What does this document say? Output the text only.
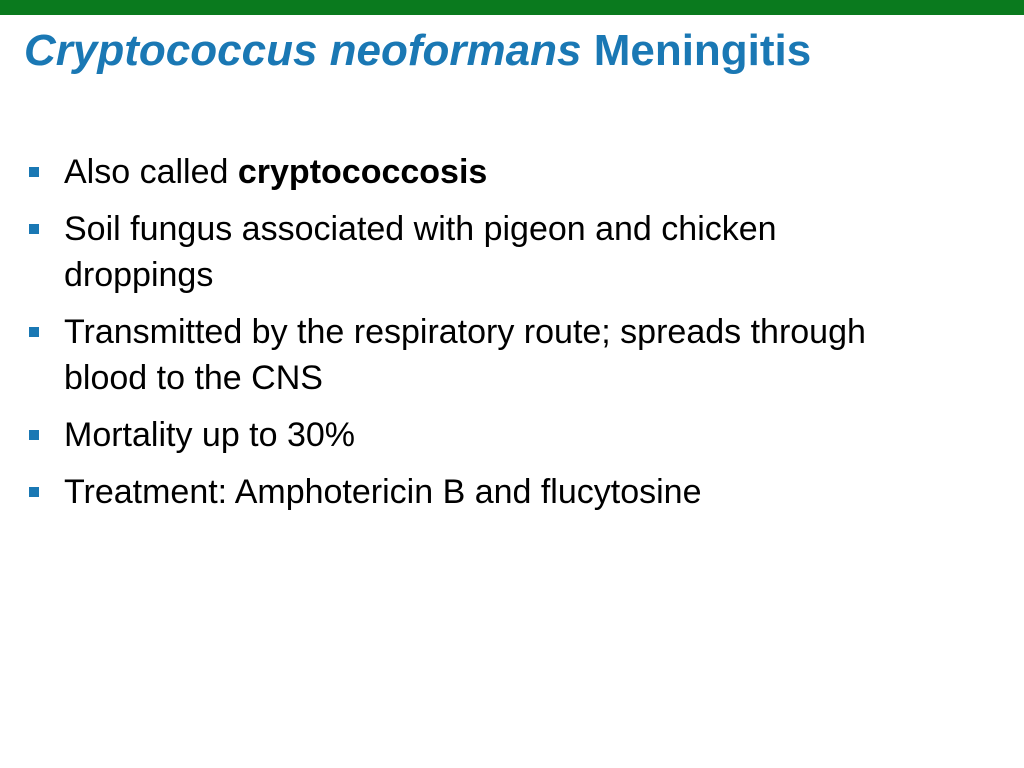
Cryptococcus neoformans Meningitis
Also called cryptococcosis
Soil fungus associated with pigeon and chicken droppings
Transmitted by the respiratory route; spreads through blood to the CNS
Mortality up to 30%
Treatment: Amphotericin B and flucytosine
